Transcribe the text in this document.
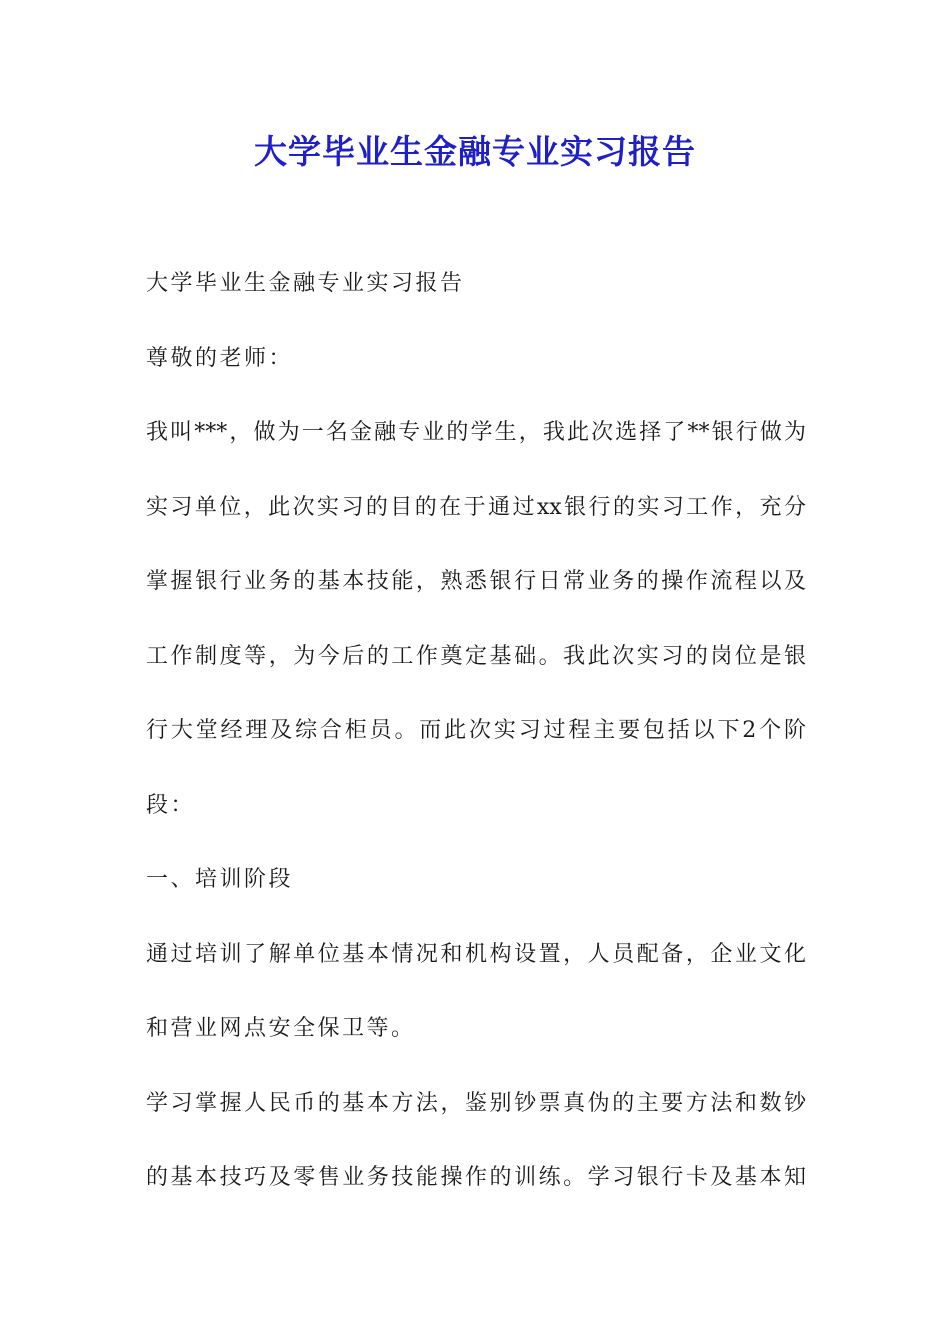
大学毕业生金融专业实习报告
大学毕业生金融专业实习报告
尊敬的老师：
我叫***，做为一名金融专业的学生，我此次选择了**银行做为
实习单位，此次实习的目的在于通过xx银行的实习工作，充分
掌握银行业务的基本技能，熟悉银行日常业务的操作流程以及
工作制度等，为今后的工作奠定基础。我此次实习的岗位是银
行大堂经理及综合柜员。而此次实习过程主要包括以下2个阶
段：
一、培训阶段
通过培训了解单位基本情况和机构设置，人员配备，企业文化
和营业网点安全保卫等。
学习掌握人民币的基本方法，鉴别钞票真伪的主要方法和数钞
的基本技巧及零售业务技能操作的训练。学习银行卡及基本知
